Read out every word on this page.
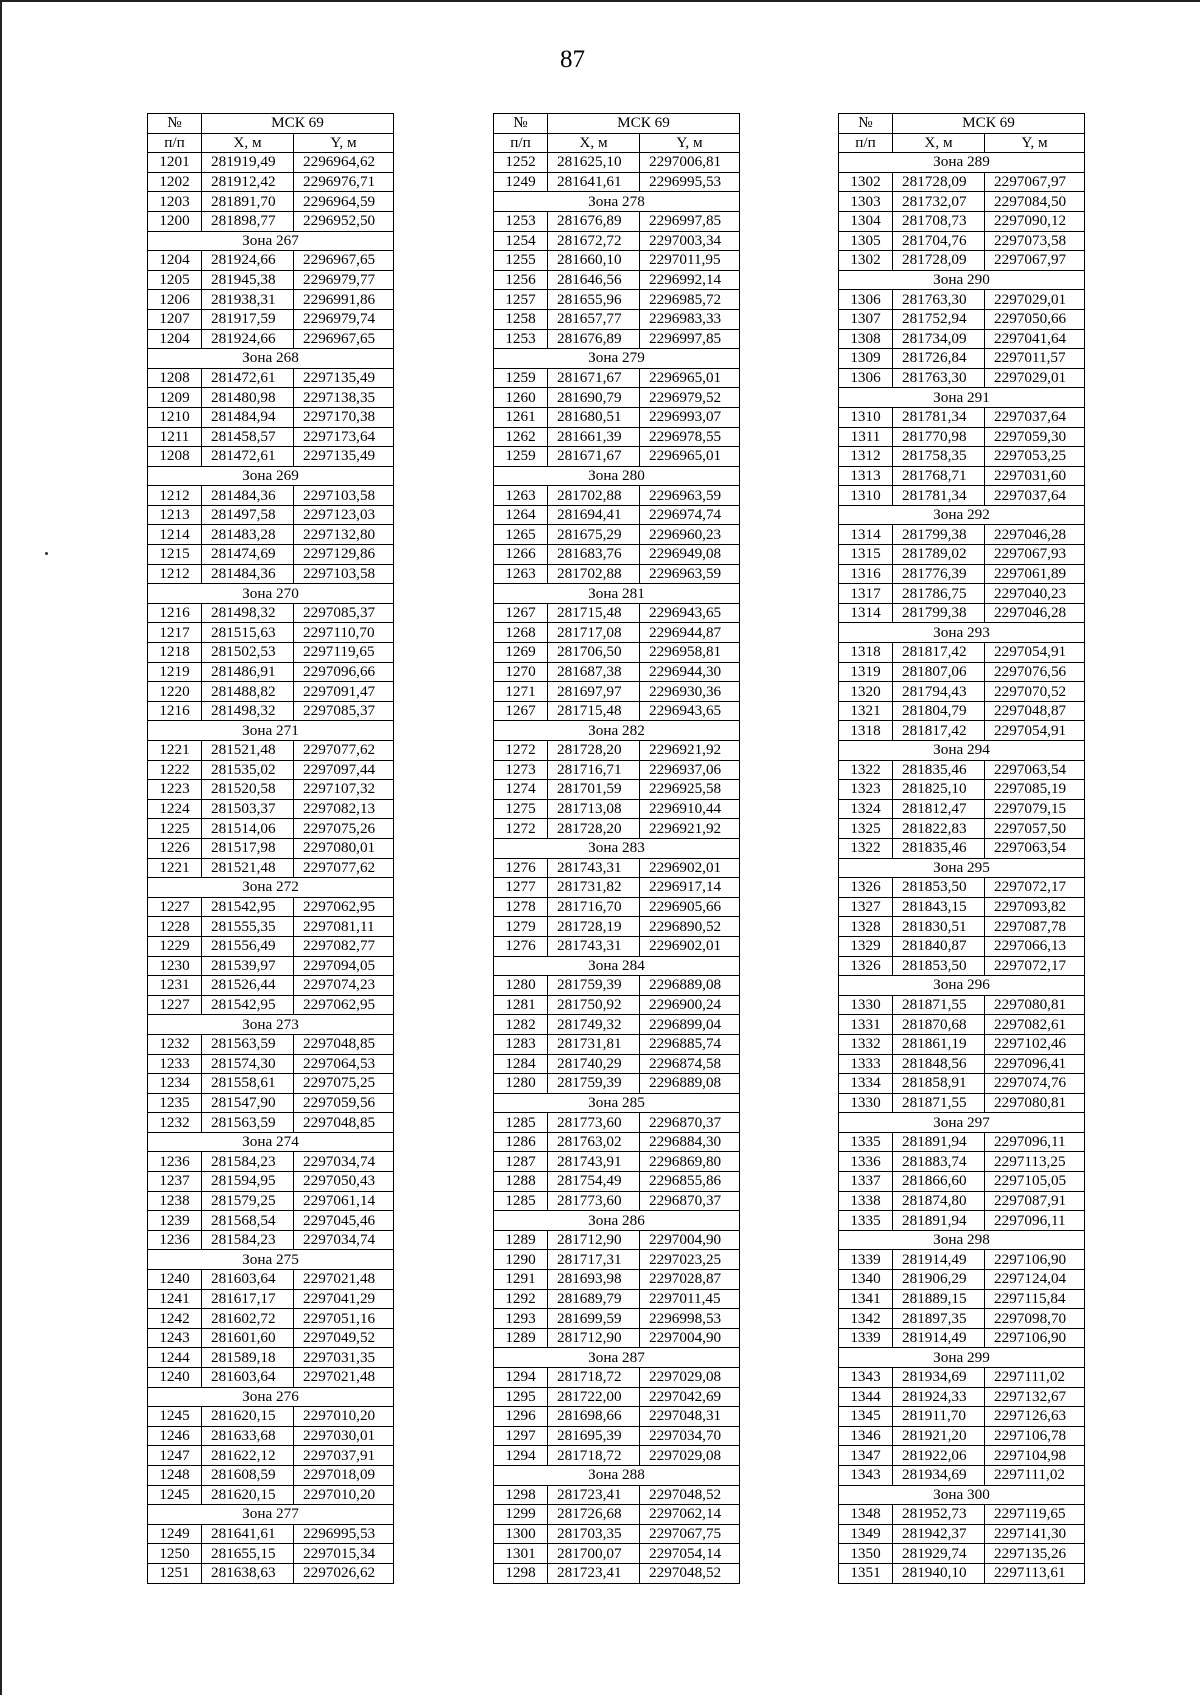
87
№	МСК 69	
п/п	X, м	Y, м
1201	281919,49	2296964,62
1202	281912,42	2296976,71
1203	281891,70	2296964,59
1200	281898,77	2296952,50
Зона 267		
1204	281924,66	2296967,65
1205	281945,38	2296979,77
1206	281938,31	2296991,86
1207	281917,59	2296979,74
1204	281924,66	2296967,65
Зона 268		
1208	281472,61	2297135,49
1209	281480,98	2297138,35
1210	281484,94	2297170,38
1211	281458,57	2297173,64
1208	281472,61	2297135,49
Зона 269		
1212	281484,36	2297103,58
1213	281497,58	2297123,03
1214	281483,28	2297132,80
1215	281474,69	2297129,86
1212	281484,36	2297103,58
Зона 270		
1216	281498,32	2297085,37
1217	281515,63	2297110,70
1218	281502,53	2297119,65
1219	281486,91	2297096,66
1220	281488,82	2297091,47
1216	281498,32	2297085,37
Зона 271		
1221	281521,48	2297077,62
1222	281535,02	2297097,44
1223	281520,58	2297107,32
1224	281503,37	2297082,13
1225	281514,06	2297075,26
1226	281517,98	2297080,01
1221	281521,48	2297077,62
Зона 272		
1227	281542,95	2297062,95
1228	281555,35	2297081,11
1229	281556,49	2297082,77
1230	281539,97	2297094,05
1231	281526,44	2297074,23
1227	281542,95	2297062,95
Зона 273		
1232	281563,59	2297048,85
1233	281574,30	2297064,53
1234	281558,61	2297075,25
1235	281547,90	2297059,56
1232	281563,59	2297048,85
Зона 274		
1236	281584,23	2297034,74
1237	281594,95	2297050,43
1238	281579,25	2297061,14
1239	281568,54	2297045,46
1236	281584,23	2297034,74
Зона 275		
1240	281603,64	2297021,48
1241	281617,17	2297041,29
1242	281602,72	2297051,16
1243	281601,60	2297049,52
1244	281589,18	2297031,35
1240	281603,64	2297021,48
Зона 276		
1245	281620,15	2297010,20
1246	281633,68	2297030,01
1247	281622,12	2297037,91
1248	281608,59	2297018,09
1245	281620,15	2297010,20
Зона 277		
1249	281641,61	2296995,53
1250	281655,15	2297015,34
1251	281638,63	2297026,62
№	МСК 69	
п/п	X, м	Y, м
1252	281625,10	2297006,81
1249	281641,61	2296995,53
Зона 278		
1253	281676,89	2296997,85
1254	281672,72	2297003,34
1255	281660,10	2297011,95
1256	281646,56	2296992,14
1257	281655,96	2296985,72
1258	281657,77	2296983,33
1253	281676,89	2296997,85
Зона 279		
1259	281671,67	2296965,01
1260	281690,79	2296979,52
1261	281680,51	2296993,07
1262	281661,39	2296978,55
1259	281671,67	2296965,01
Зона 280		
1263	281702,88	2296963,59
1264	281694,41	2296974,74
1265	281675,29	2296960,23
1266	281683,76	2296949,08
1263	281702,88	2296963,59
Зона 281		
1267	281715,48	2296943,65
1268	281717,08	2296944,87
1269	281706,50	2296958,81
1270	281687,38	2296944,30
1271	281697,97	2296930,36
1267	281715,48	2296943,65
Зона 282		
1272	281728,20	2296921,92
1273	281716,71	2296937,06
1274	281701,59	2296925,58
1275	281713,08	2296910,44
1272	281728,20	2296921,92
Зона 283		
1276	281743,31	2296902,01
1277	281731,82	2296917,14
1278	281716,70	2296905,66
1279	281728,19	2296890,52
1276	281743,31	2296902,01
Зона 284		
1280	281759,39	2296889,08
1281	281750,92	2296900,24
1282	281749,32	2296899,04
1283	281731,81	2296885,74
1284	281740,29	2296874,58
1280	281759,39	2296889,08
Зона 285		
1285	281773,60	2296870,37
1286	281763,02	2296884,30
1287	281743,91	2296869,80
1288	281754,49	2296855,86
1285	281773,60	2296870,37
Зона 286		
1289	281712,90	2297004,90
1290	281717,31	2297023,25
1291	281693,98	2297028,87
1292	281689,79	2297011,45
1293	281699,59	2296998,53
1289	281712,90	2297004,90
Зона 287		
1294	281718,72	2297029,08
1295	281722,00	2297042,69
1296	281698,66	2297048,31
1297	281695,39	2297034,70
1294	281718,72	2297029,08
Зона 288		
1298	281723,41	2297048,52
1299	281726,68	2297062,14
1300	281703,35	2297067,75
1301	281700,07	2297054,14
1298	281723,41	2297048,52
№	МСК 69	
п/п	X, м	Y, м
Зона 289		
1302	281728,09	2297067,97
1303	281732,07	2297084,50
1304	281708,73	2297090,12
1305	281704,76	2297073,58
1302	281728,09	2297067,97
Зона 290		
1306	281763,30	2297029,01
1307	281752,94	2297050,66
1308	281734,09	2297041,64
1309	281726,84	2297011,57
1306	281763,30	2297029,01
Зона 291		
1310	281781,34	2297037,64
1311	281770,98	2297059,30
1312	281758,35	2297053,25
1313	281768,71	2297031,60
1310	281781,34	2297037,64
Зона 292		
1314	281799,38	2297046,28
1315	281789,02	2297067,93
1316	281776,39	2297061,89
1317	281786,75	2297040,23
1314	281799,38	2297046,28
Зона 293		
1318	281817,42	2297054,91
1319	281807,06	2297076,56
1320	281794,43	2297070,52
1321	281804,79	2297048,87
1318	281817,42	2297054,91
Зона 294		
1322	281835,46	2297063,54
1323	281825,10	2297085,19
1324	281812,47	2297079,15
1325	281822,83	2297057,50
1322	281835,46	2297063,54
Зона 295		
1326	281853,50	2297072,17
1327	281843,15	2297093,82
1328	281830,51	2297087,78
1329	281840,87	2297066,13
1326	281853,50	2297072,17
Зона 296		
1330	281871,55	2297080,81
1331	281870,68	2297082,61
1332	281861,19	2297102,46
1333	281848,56	2297096,41
1334	281858,91	2297074,76
1330	281871,55	2297080,81
Зона 297		
1335	281891,94	2297096,11
1336	281883,74	2297113,25
1337	281866,60	2297105,05
1338	281874,80	2297087,91
1335	281891,94	2297096,11
Зона 298		
1339	281914,49	2297106,90
1340	281906,29	2297124,04
1341	281889,15	2297115,84
1342	281897,35	2297098,70
1339	281914,49	2297106,90
Зона 299		
1343	281934,69	2297111,02
1344	281924,33	2297132,67
1345	281911,70	2297126,63
1346	281921,20	2297106,78
1347	281922,06	2297104,98
1343	281934,69	2297111,02
Зона 300		
1348	281952,73	2297119,65
1349	281942,37	2297141,30
1350	281929,74	2297135,26
1351	281940,10	2297113,61
